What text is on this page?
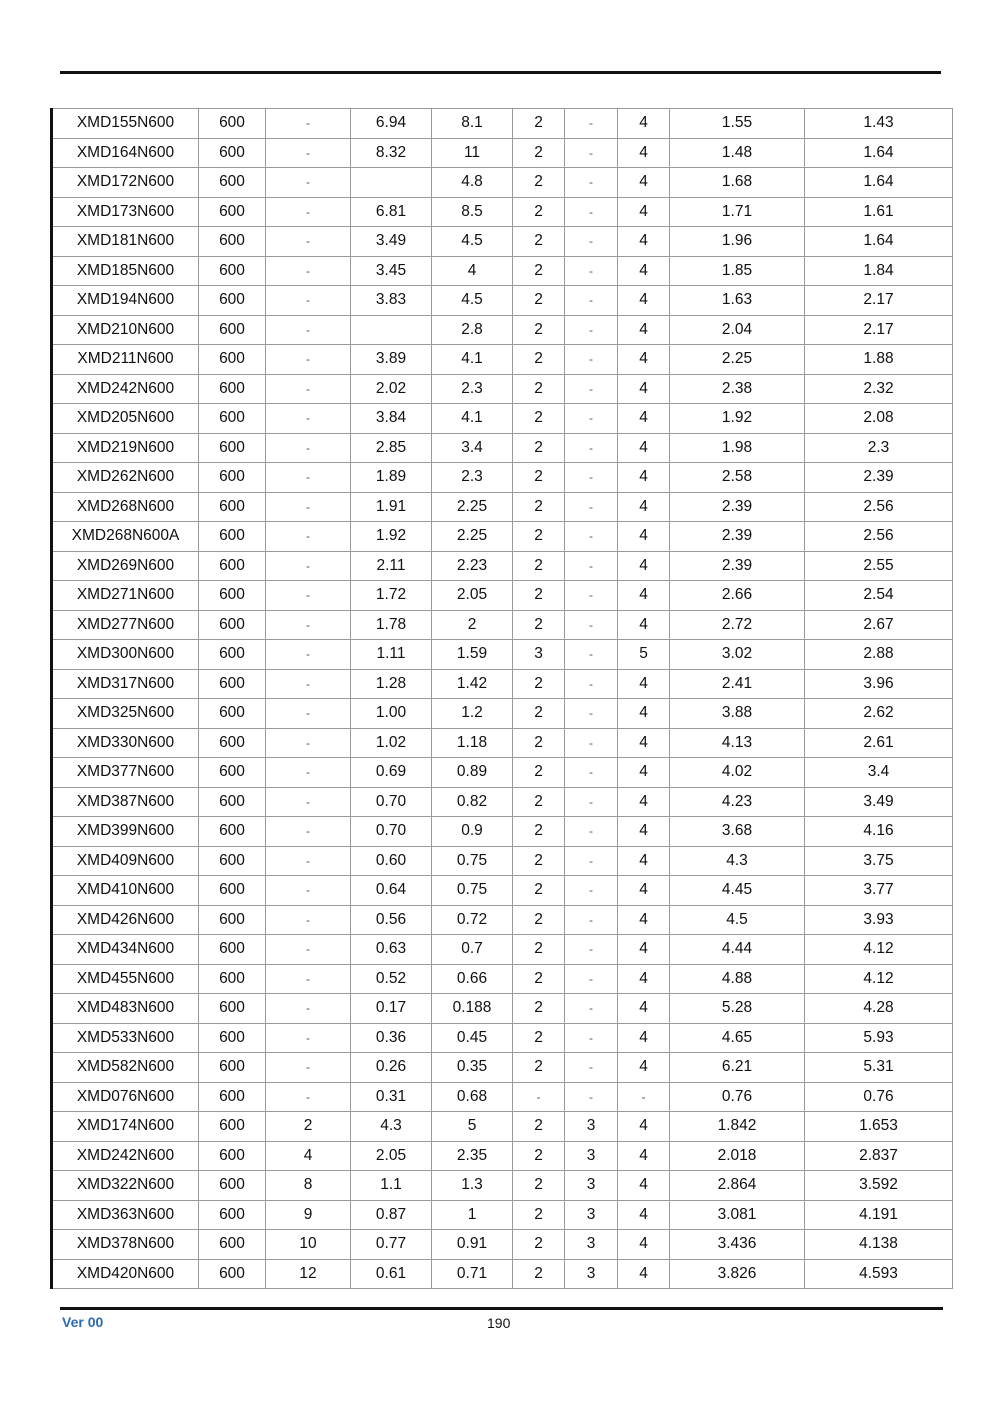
XMD155N600	600	-	6.94	8.1	2	-	4	1.55	1.43
XMD164N600	600	-	8.32	11	2	-	4	1.48	1.64
XMD172N600	600	-		4.8	2	-	4	1.68	1.64
XMD173N600	600	-	6.81	8.5	2	-	4	1.71	1.61
XMD181N600	600	-	3.49	4.5	2	-	4	1.96	1.64
XMD185N600	600	-	3.45	4	2	-	4	1.85	1.84
XMD194N600	600	-	3.83	4.5	2	-	4	1.63	2.17
XMD210N600	600	-		2.8	2	-	4	2.04	2.17
XMD211N600	600	-	3.89	4.1	2	-	4	2.25	1.88
XMD242N600	600	-	2.02	2.3	2	-	4	2.38	2.32
XMD205N600	600	-	3.84	4.1	2	-	4	1.92	2.08
XMD219N600	600	-	2.85	3.4	2	-	4	1.98	2.3
XMD262N600	600	-	1.89	2.3	2	-	4	2.58	2.39
XMD268N600	600	-	1.91	2.25	2	-	4	2.39	2.56
XMD268N600A	600	-	1.92	2.25	2	-	4	2.39	2.56
XMD269N600	600	-	2.11	2.23	2	-	4	2.39	2.55
XMD271N600	600	-	1.72	2.05	2	-	4	2.66	2.54
XMD277N600	600	-	1.78	2	2	-	4	2.72	2.67
XMD300N600	600	-	1.11	1.59	3	-	5	3.02	2.88
XMD317N600	600	-	1.28	1.42	2	-	4	2.41	3.96
XMD325N600	600	-	1.00	1.2	2	-	4	3.88	2.62
XMD330N600	600	-	1.02	1.18	2	-	4	4.13	2.61
XMD377N600	600	-	0.69	0.89	2	-	4	4.02	3.4
XMD387N600	600	-	0.70	0.82	2	-	4	4.23	3.49
XMD399N600	600	-	0.70	0.9	2	-	4	3.68	4.16
XMD409N600	600	-	0.60	0.75	2	-	4	4.3	3.75
XMD410N600	600	-	0.64	0.75	2	-	4	4.45	3.77
XMD426N600	600	-	0.56	0.72	2	-	4	4.5	3.93
XMD434N600	600	-	0.63	0.7	2	-	4	4.44	4.12
XMD455N600	600	-	0.52	0.66	2	-	4	4.88	4.12
XMD483N600	600	-	0.17	0.188	2	-	4	5.28	4.28
XMD533N600	600	-	0.36	0.45	2	-	4	4.65	5.93
XMD582N600	600	-	0.26	0.35	2	-	4	6.21	5.31
XMD076N600	600	-	0.31	0.68	-	-	-	0.76	0.76
XMD174N600	600	2	4.3	5	2	3	4	1.842	1.653
XMD242N600	600	4	2.05	2.35	2	3	4	2.018	2.837
XMD322N600	600	8	1.1	1.3	2	3	4	2.864	3.592
XMD363N600	600	9	0.87	1	2	3	4	3.081	4.191
XMD378N600	600	10	0.77	0.91	2	3	4	3.436	4.138
XMD420N600	600	12	0.61	0.71	2	3	4	3.826	4.593
Ver 00	190
